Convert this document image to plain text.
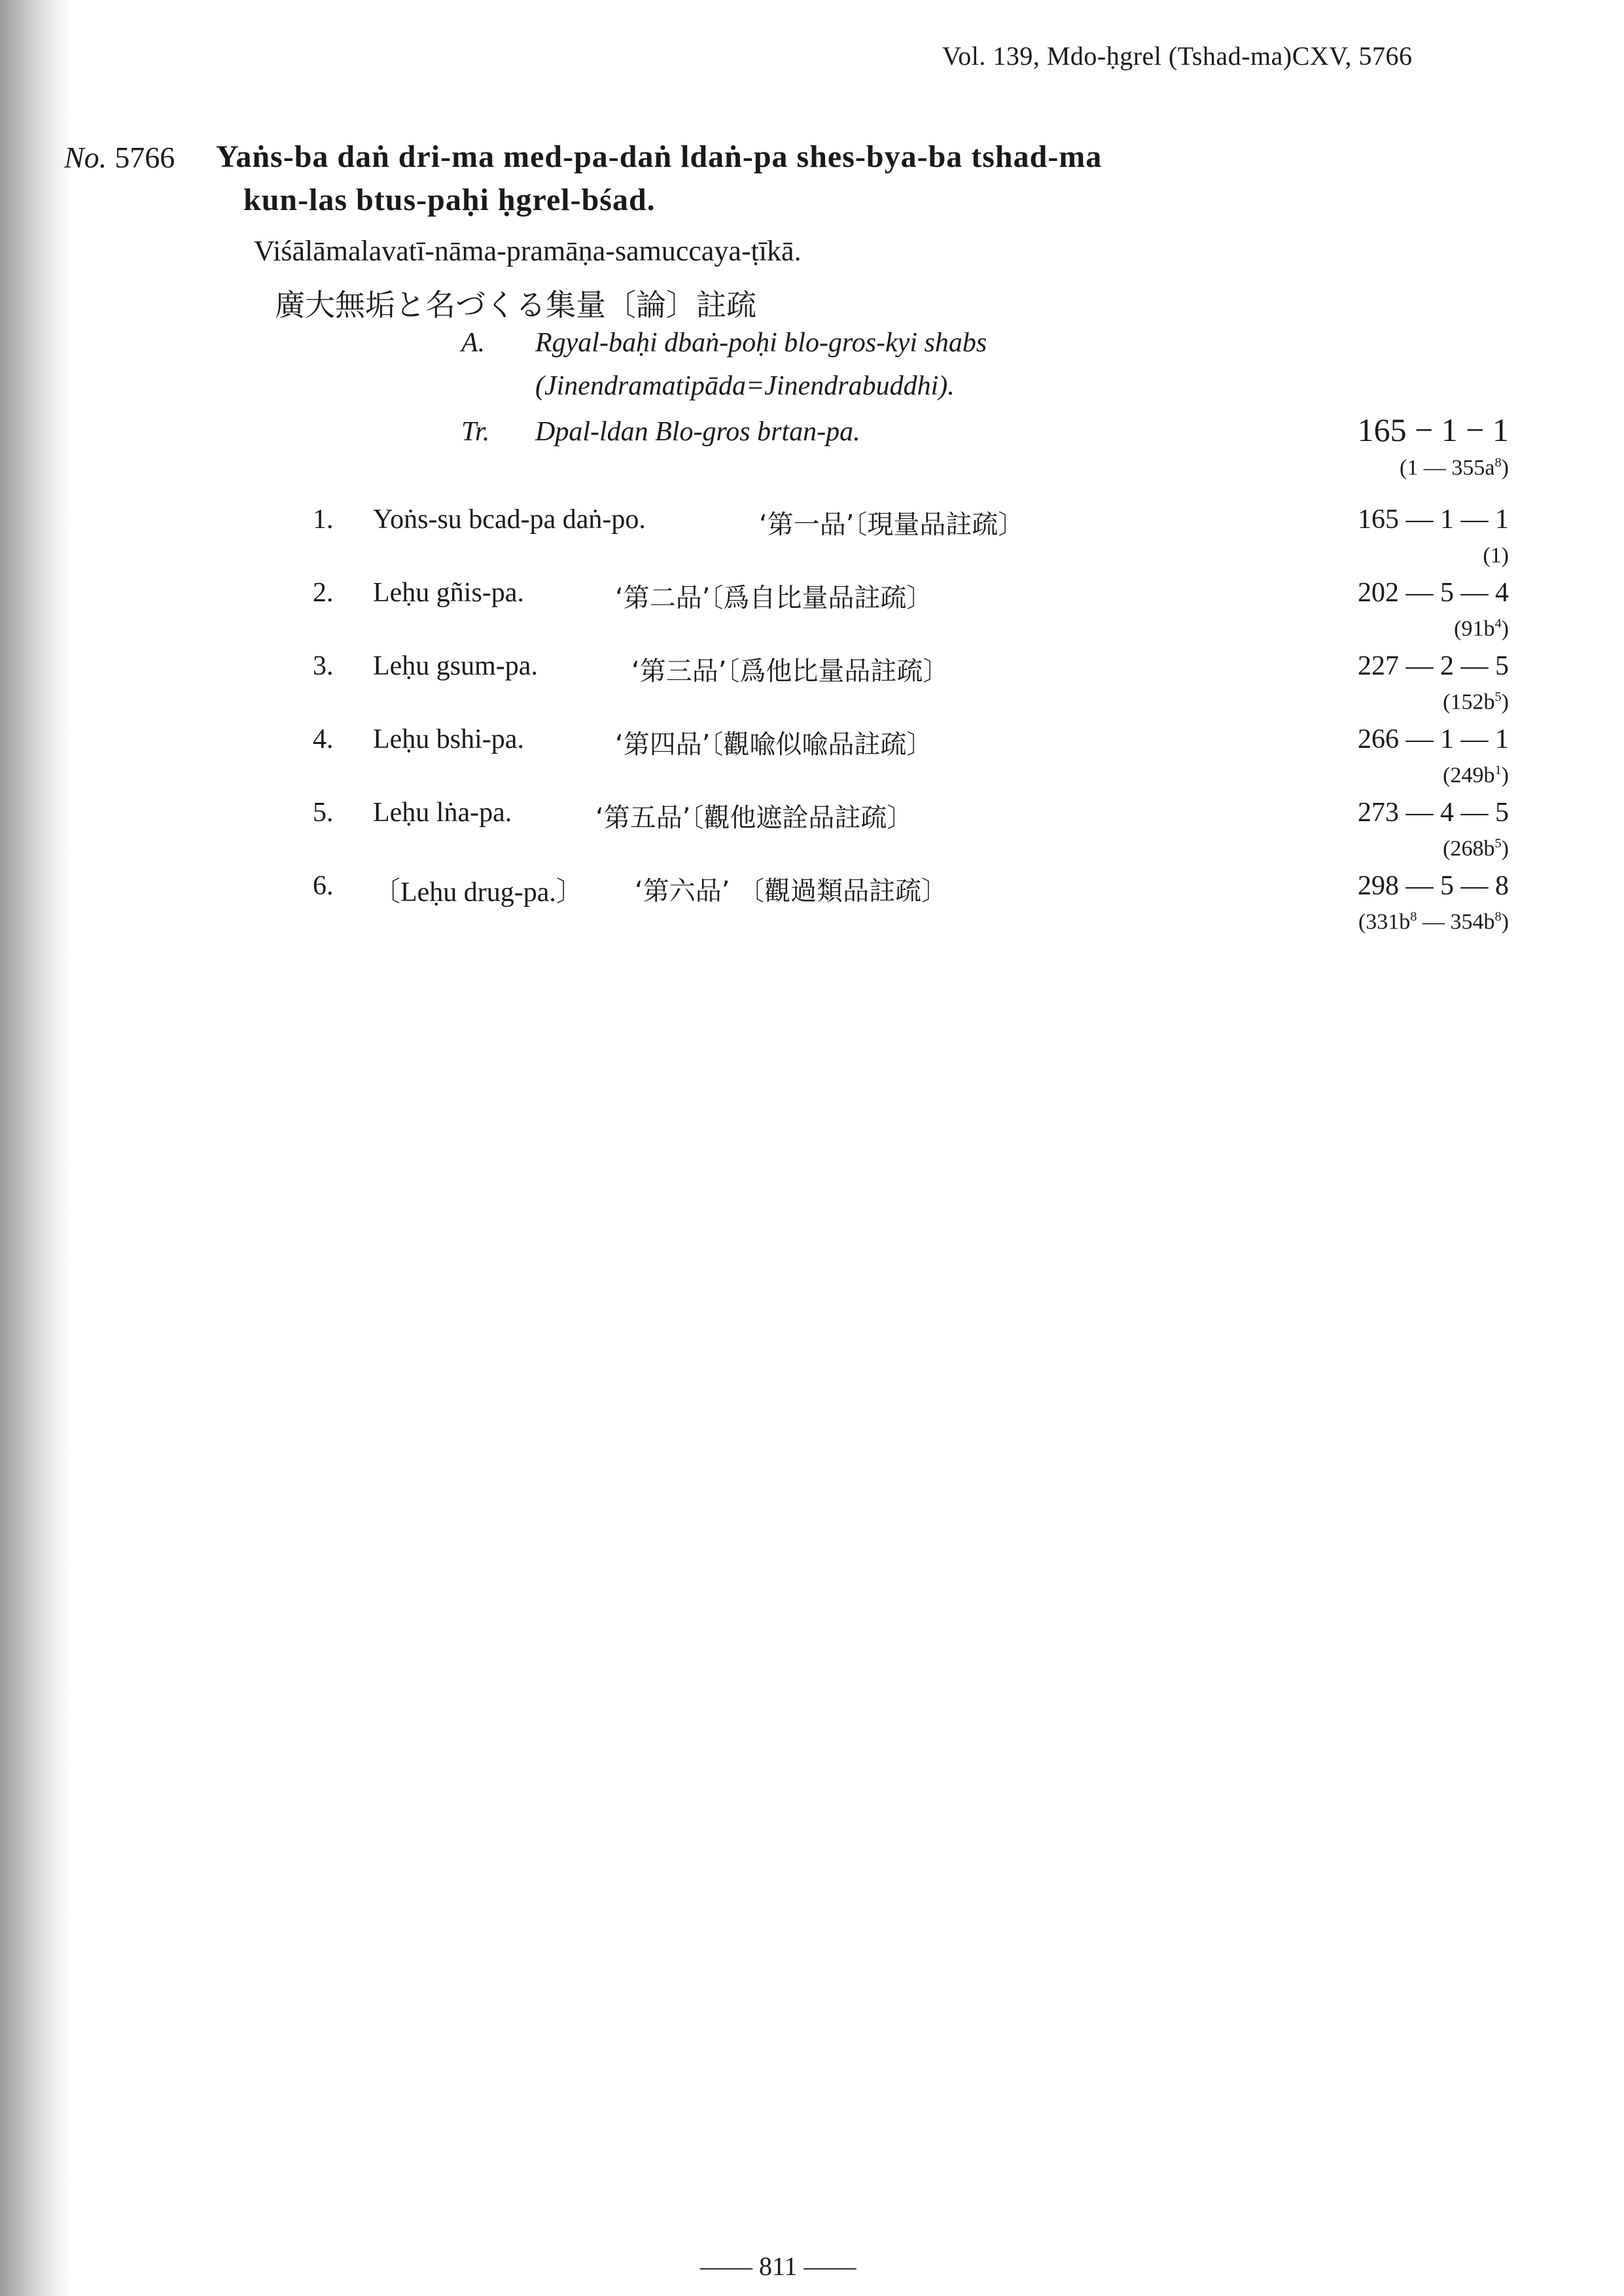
Vol. 139, Mdo-ḥgrel (Tshad-ma)CXV, 5766
No. 5766 Yaṅs-ba daṅ dri-ma med-pa-daṅ ldaṅ-pa shes-bya-ba tshad-ma
kun-las btus-paḥi ḥgrel-bśad.
Viśālāmalavatī-nāma-pramāṇa-samuccaya-ṭīkā.
廣大無垢と名づくる集量〔論〕註疏
A. Rgyal-baḥi dbaṅ-poḥi blo-gros-kyi shabs
(Jinendramatipāda=Jinendrabuddhi).
Tr. Dpal-ldan Blo-gros brtan-pa.	165 − 1 − 1
(1 — $355a^8$)
1. Yoṅs-su bcad-pa daṅ-po.	‘第一品’〔現量品註疏〕	165 — 1 — 1
(1)
2. Leḥu gñis-pa.	‘第二品’〔爲自比量品註疏〕	202 — 5 — 4
$(91b^4)$
3. Leḥu gsum-pa.	‘第三品’〔爲他比量品註疏〕	227 — 2 — 5
$(152b^5)$
4. Leḥu bshi-pa.	‘第四品’〔觀喩似喩品註疏〕	266 — 1 — 1
$(249b^1)$
5. Leḥu lṅa-pa.	‘第五品’〔觀他遮詮品註疏〕	273 — 4 — 5
$(268b^5)$
6. 〔Leḥu drug-pa.〕 ‘第六品’ 〔觀過類品註疏〕	298 — 5 — 8
($331b^8$ — $354b^8$)
—— 811 ——
